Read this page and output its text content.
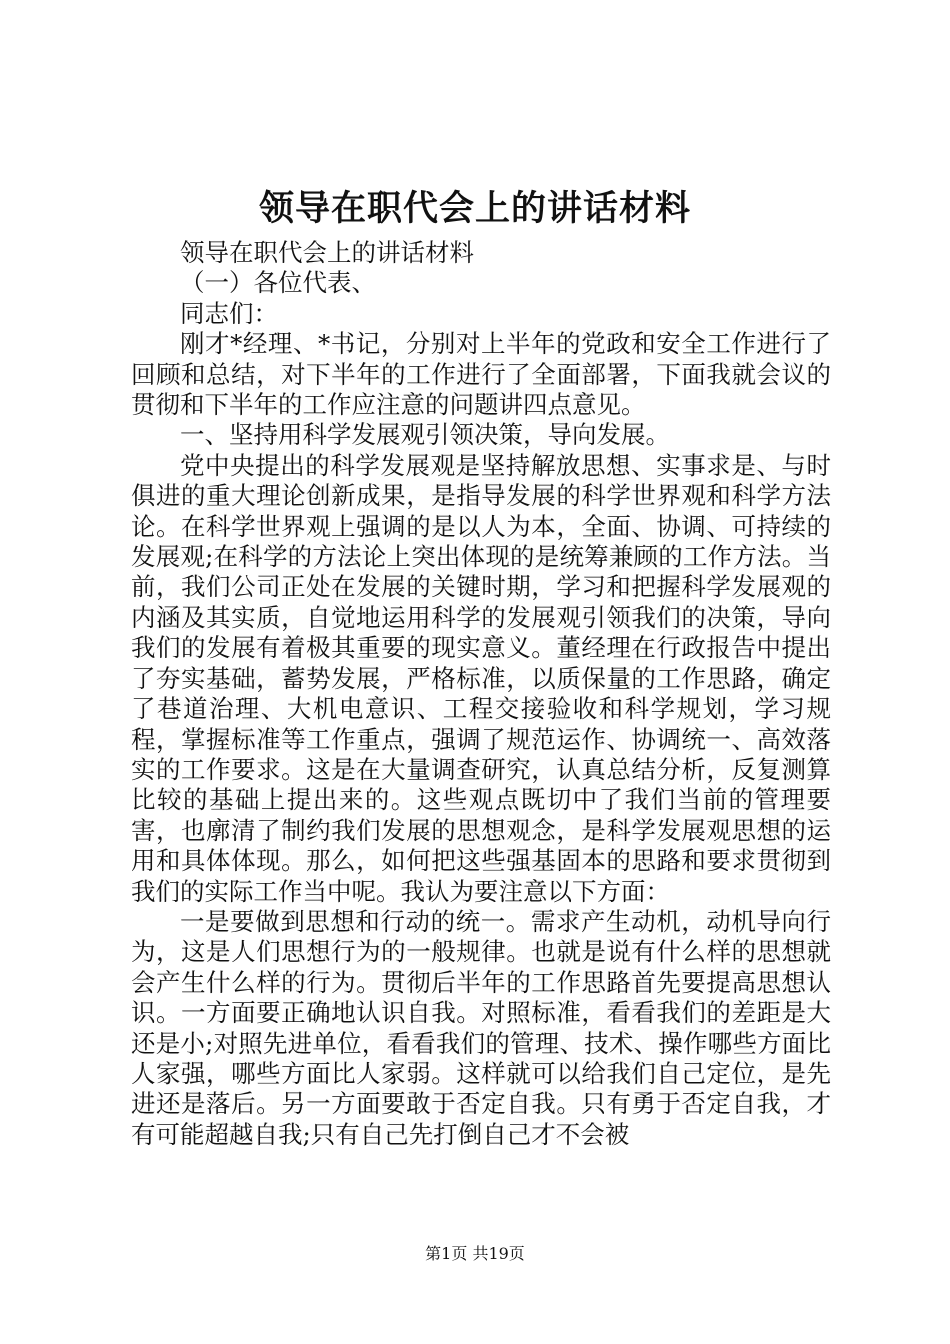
领导在职代会上的讲话材料

领导在职代会上的讲话材料

（一）各位代表、

同志们：

刚才*经理、*书记，分别对上半年的党政和安全工作进行了回顾和总结，对下半年的工作进行了全面部署，下面我就会议的贯彻和下半年的工作应注意的问题讲四点意见。

一、坚持用科学发展观引领决策，导向发展。

党中央提出的科学发展观是坚持解放思想、实事求是、与时俱进的重大理论创新成果，是指导发展的科学世界观和科学方法论。在科学世界观上强调的是以人为本，全面、协调、可持续的发展观;在科学的方法论上突出体现的是统筹兼顾的工作方法。当前，我们公司正处在发展的关键时期，学习和把握科学发展观的内涵及其实质，自觉地运用科学的发展观引领我们的决策，导向我们的发展有着极其重要的现实意义。董经理在行政报告中提出了夯实基础，蓄势发展，严格标准，以质保量的工作思路，确定了巷道治理、大机电意识、工程交接验收和科学规划，学习规程，掌握标准等工作重点，强调了规范运作、协调统一、高效落实的工作要求。这是在大量调查研究，认真总结分析，反复测算比较的基础上提出来的。这些观点既切中了我们当前的管理要害，也廓清了制约我们发展的思想观念，是科学发展观思想的运用和具体体现。那么，如何把这些强基固本的思路和要求贯彻到我们的实际工作当中呢。我认为要注意以下方面：

一是要做到思想和行动的统一。需求产生动机，动机导向行为，这是人们思想行为的一般规律。也就是说有什么样的思想就会产生什么样的行为。贯彻后半年的工作思路首先要提高思想认识。一方面要正确地认识自我。对照标准，看看我们的差距是大还是小;对照先进单位，看看我们的管理、技术、操作哪些方面比人家强，哪些方面比人家弱。这样就可以给我们自己定位，是先进还是落后。另一方面要敢于否定自我。只有勇于否定自我，才有可能超越自我;只有自己先打倒自己才不会被

第1页 共19页
